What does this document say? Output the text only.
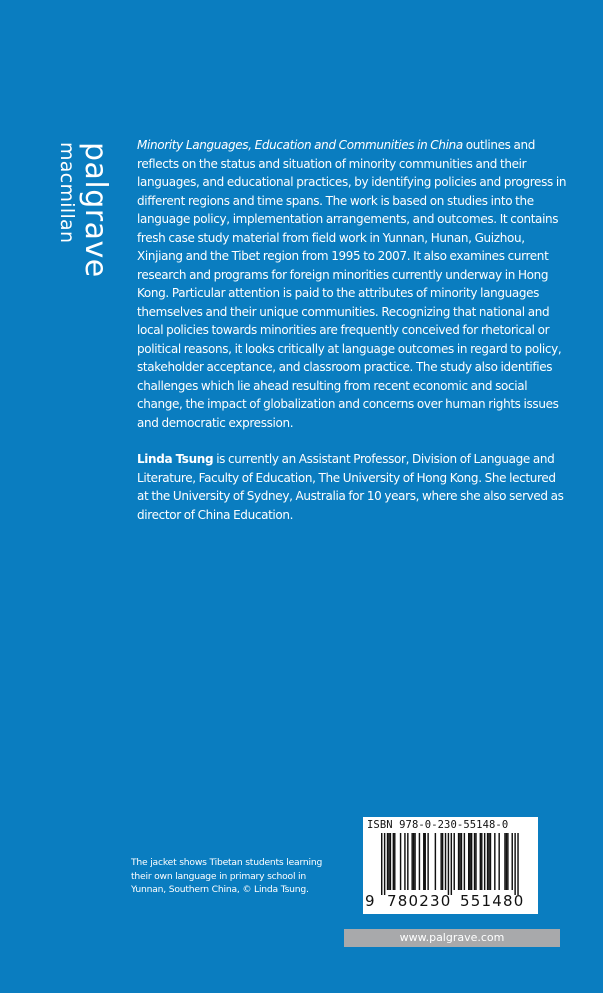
palgrave
macmillan	Minority Languages, Education and Communities in China outlines and reflects on the status and situation of minority communities and their languages, and educational practices, by identifying policies and progress in different regions and time spans. The work is based on studies into the language policy, implementation arrangements, and outcomes. It contains fresh case study material from field work in Yunnan, Hunan, Guizhou, Xinjiang and the Tibet region from 1995 to 2007. It also examines current research and programs for foreign minorities currently underway in Hong Kong. Particular attention is paid to the attributes of minority languages themselves and their unique communities. Recognizing that national and local policies towards minorities are frequently conceived for rhetorical or political reasons, it looks critically at language outcomes in regard to policy, stakeholder acceptance, and classroom practice. The study also identifies challenges which lie ahead resulting from recent economic and social change, the impact of globalization and concerns over human rights issues and democratic expression.

Linda Tsung is currently an Assistant Professor, Division of Language and Literature, Faculty of Education, The University of Hong Kong. She lectured at the University of Sydney, Australia for 10 years, where she also served as director of China Education.

The jacket shows Tibetan students learning their own language in primary school in Yunnan, Southern China, © Linda Tsung.
ISBN 978-0-230-55148-0
9 780230 551480
www.palgrave.com
